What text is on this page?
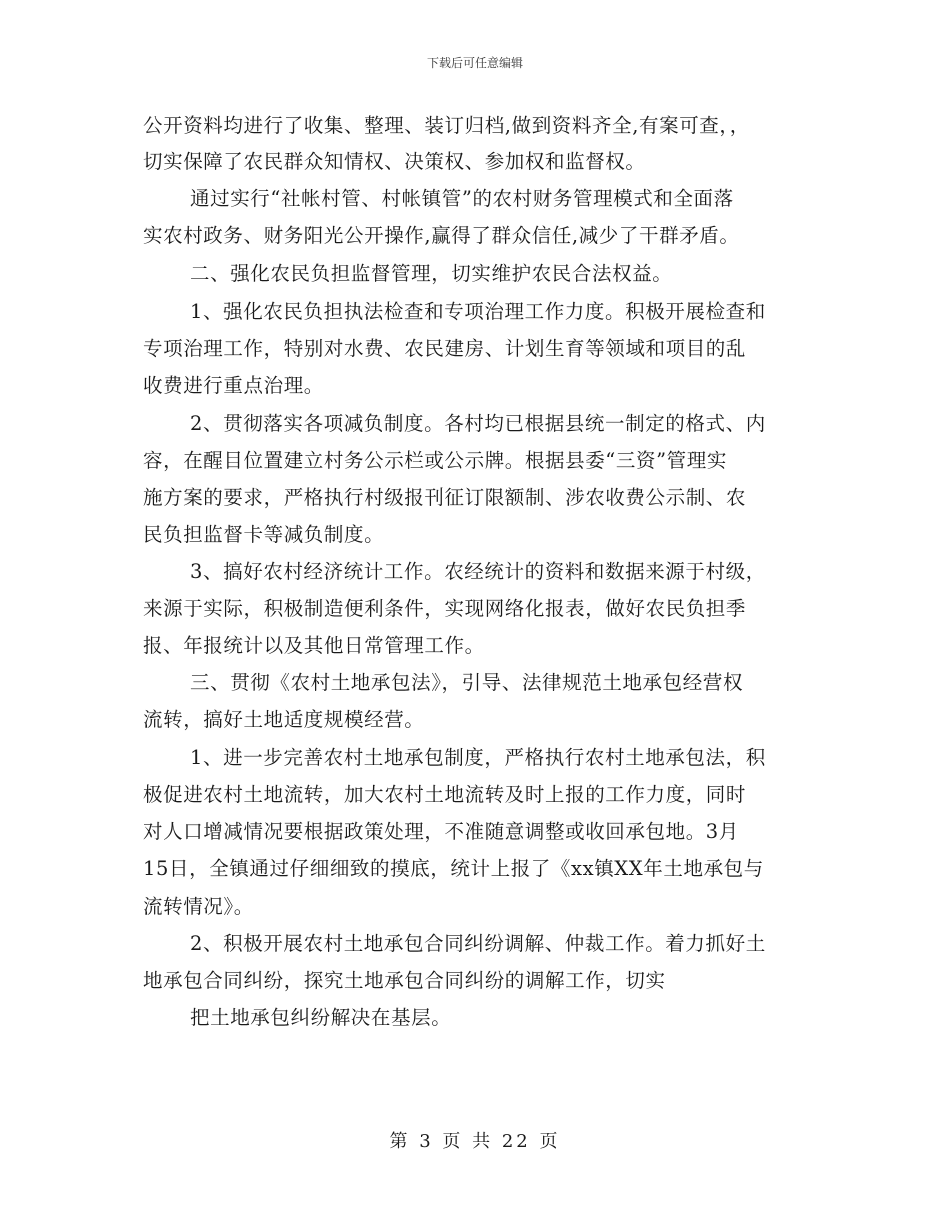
下载后可任意编辑
公开资料均进行了收集、整理、装订归档,做到资料齐全,有案可查，，
切实保障了农民群众知情权、决策权、参加权和监督权。
通过实行“社帐村管、村帐镇管”的农村财务管理模式和全面落
实农村政务、财务阳光公开操作,赢得了群众信任,减少了干群矛盾。
二、强化农民负担监督管理，切实维护农民合法权益。
1、强化农民负担执法检查和专项治理工作力度。积极开展检查和
专项治理工作，特别对水费、农民建房、计划生育等领域和项目的乱
收费进行重点治理。
2、贯彻落实各项减负制度。各村均已根据县统一制定的格式、内
容，在醒目位置建立村务公示栏或公示牌。根据县委“三资”管理实
施方案的要求，严格执行村级报刊征订限额制、涉农收费公示制、农
民负担监督卡等减负制度。
3、搞好农村经济统计工作。农经统计的资料和数据来源于村级，
来源于实际，积极制造便利条件，实现网络化报表，做好农民负担季
报、年报统计以及其他日常管理工作。
三、贯彻《农村土地承包法》，引导、法律规范土地承包经营权
流转，搞好土地适度规模经营。
1、进一步完善农村土地承包制度，严格执行农村土地承包法，积
极促进农村土地流转，加大农村土地流转及时上报的工作力度，同时
对人口增减情况要根据政策处理，不准随意调整或收回承包地。3月
15日，全镇通过仔细细致的摸底，统计上报了《xx镇XX年土地承包与
流转情况》。
2、积极开展农村土地承包合同纠纷调解、仲裁工作。着力抓好土
地承包合同纠纷，探究土地承包合同纠纷的调解工作，切实
把土地承包纠纷解决在基层。
第 3 页 共 22 页
